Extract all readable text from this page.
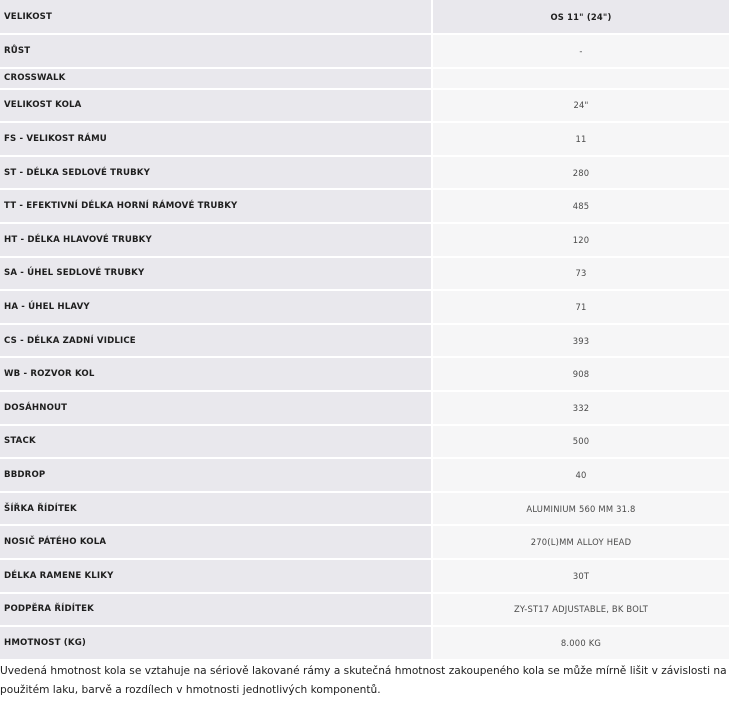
VELIKOST	OS 11" (24")
RŮST	-
CROSSWALK	
VELIKOST KOLA	24"
FS - VELIKOST RÁMU	11
ST - DÉLKA SEDLOVÉ TRUBKY	280
TT - EFEKTIVNÍ DÉLKA HORNÍ RÁMOVÉ TRUBKY	485
HT - DÉLKA HLAVOVÉ TRUBKY	120
SA - ÚHEL SEDLOVÉ TRUBKY	73
HA - ÚHEL HLAVY	71
CS - DÉLKA ZADNÍ VIDLICE	393
WB - ROZVOR KOL	908
DOSÁHNOUT	332
STACK	500
BBDROP	40
ŠÍŘKA ŘÍDÍTEK	ALUMINIUM 560 MM 31.8
NOSIČ PÁTÉHO KOLA	270(L)MM ALLOY HEAD
DÉLKA RAMENE KLIKY	30T
PODPĚRA ŘÍDÍTEK	ZY-ST17 ADJUSTABLE, BK BOLT
HMOTNOST (KG)	8.000 KG

Uvedená hmotnost kola se vztahuje na sériově lakované rámy a skutečná hmotnost zakoupeného kola se může mírně lišit v závislosti na použitém laku, barvě a rozdílech v hmotnosti jednotlivých komponentů.
